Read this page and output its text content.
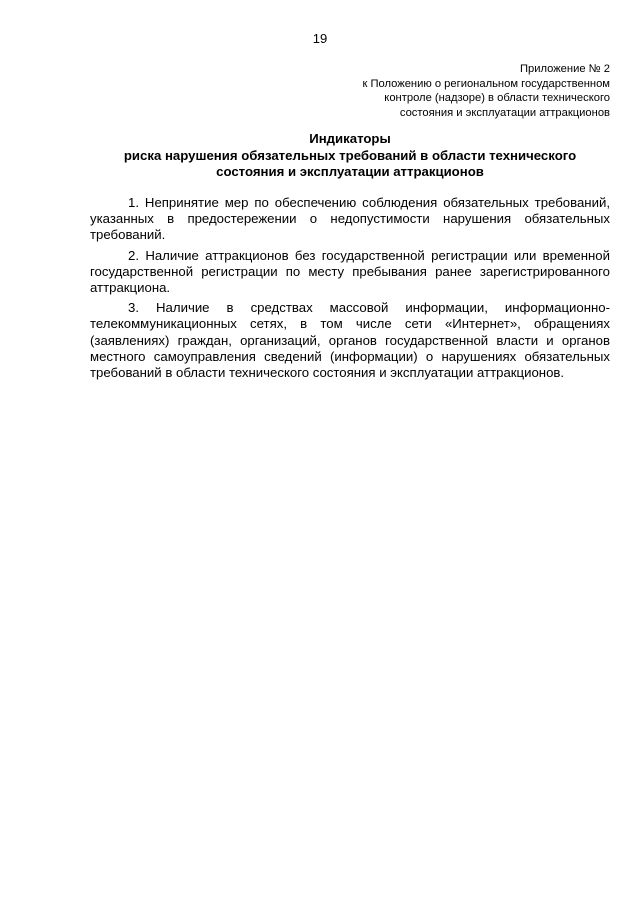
19
Приложение № 2
к Положению о региональном государственном
контроле (надзоре) в области технического
состояния и эксплуатации аттракционов
Индикаторы
риска нарушения обязательных требований в области технического
состояния и эксплуатации аттракционов

1. Непринятие мер по обеспечению соблюдения обязательных требований, указанных в предостережении о недопустимости нарушения обязательных требований.

2. Наличие аттракционов без государственной регистрации или временной государственной регистрации по месту пребывания ранее зарегистрированного аттракциона.

3. Наличие в средствах массовой информации, информационно-телекоммуникационных сетях, в том числе сети «Интернет», обращениях (заявлениях) граждан, организаций, органов государственной власти и органов местного самоуправления сведений (информации) о нарушениях обязательных требований в области технического состояния и эксплуатации аттракционов.
